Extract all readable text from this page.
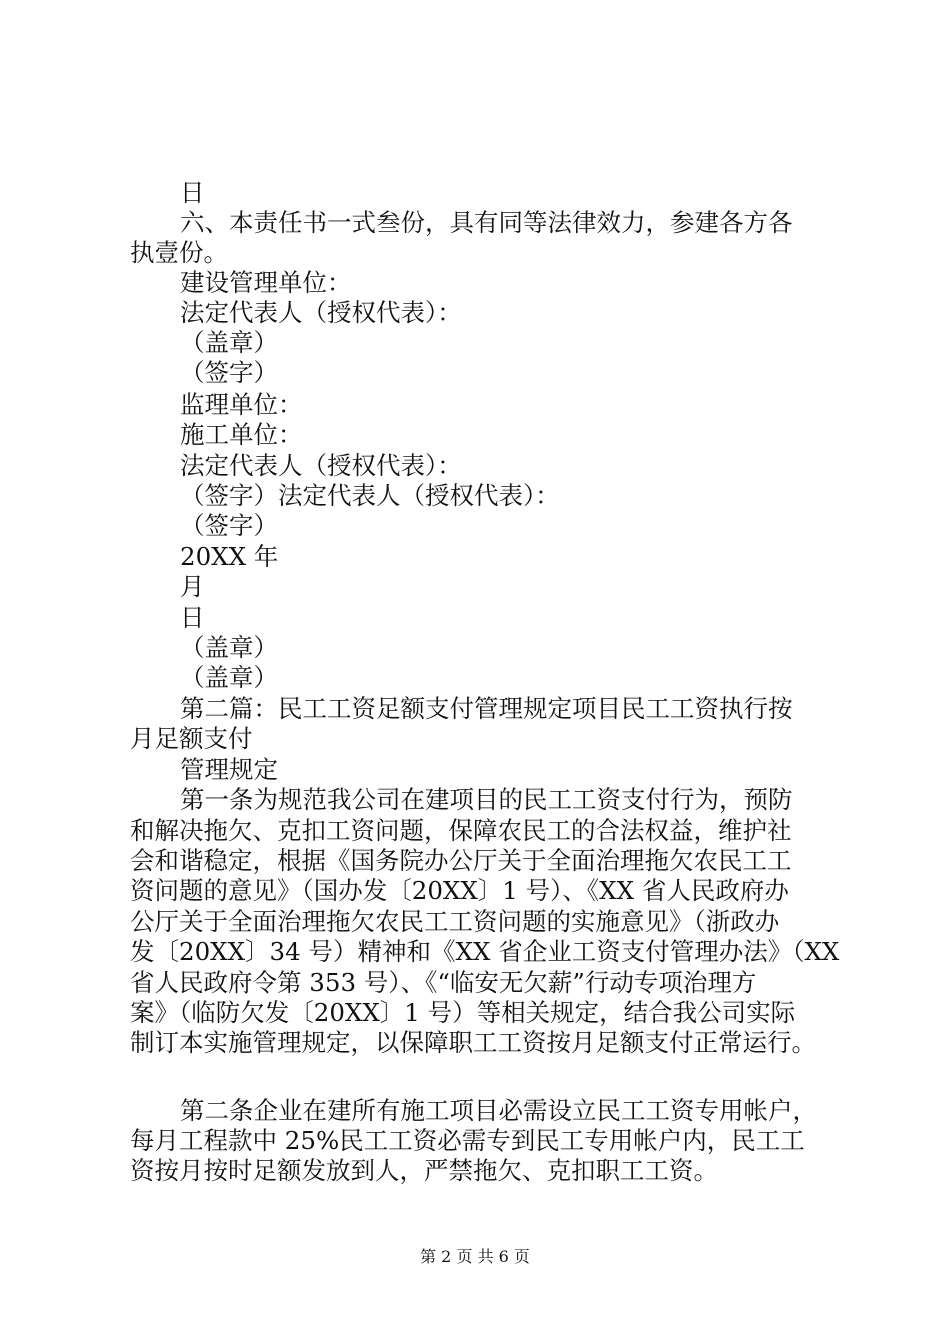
日
六、本责任书一式叁份，具有同等法律效力，参建各方各
执壹份。
建设管理单位：
法定代表人（授权代表）：
（盖章）
（签字）
监理单位：
施工单位：
法定代表人（授权代表）：
（签字）法定代表人（授权代表）：
（签字）
20XX 年
月
日
（盖章）
（盖章）
第二篇：民工工资足额支付管理规定项目民工工资执行按
月足额支付
管理规定
第一条为规范我公司在建项目的民工工资支付行为，预防
和解决拖欠、克扣工资问题，保障农民工的合法权益，维护社
会和谐稳定，根据《国务院办公厅关于全面治理拖欠农民工工
资问题的意见》（国办发〔20XX〕1 号）、《XX 省人民政府办
公厅关于全面治理拖欠农民工工资问题的实施意见》（浙政办
发〔20XX〕34 号）精神和《XX 省企业工资支付管理办法》（XX
省人民政府令第 353 号）、《“临安无欠薪”行动专项治理方
案》（临防欠发〔20XX〕1 号）等相关规定，结合我公司实际
制订本实施管理规定，以保障职工工资按月足额支付正常运行。
第二条企业在建所有施工项目必需设立民工工资专用帐户，
每月工程款中 25%民工工资必需专到民工专用帐户内，民工工
资按月按时足额发放到人，严禁拖欠、克扣职工工资。
第 2 页 共 6 页
